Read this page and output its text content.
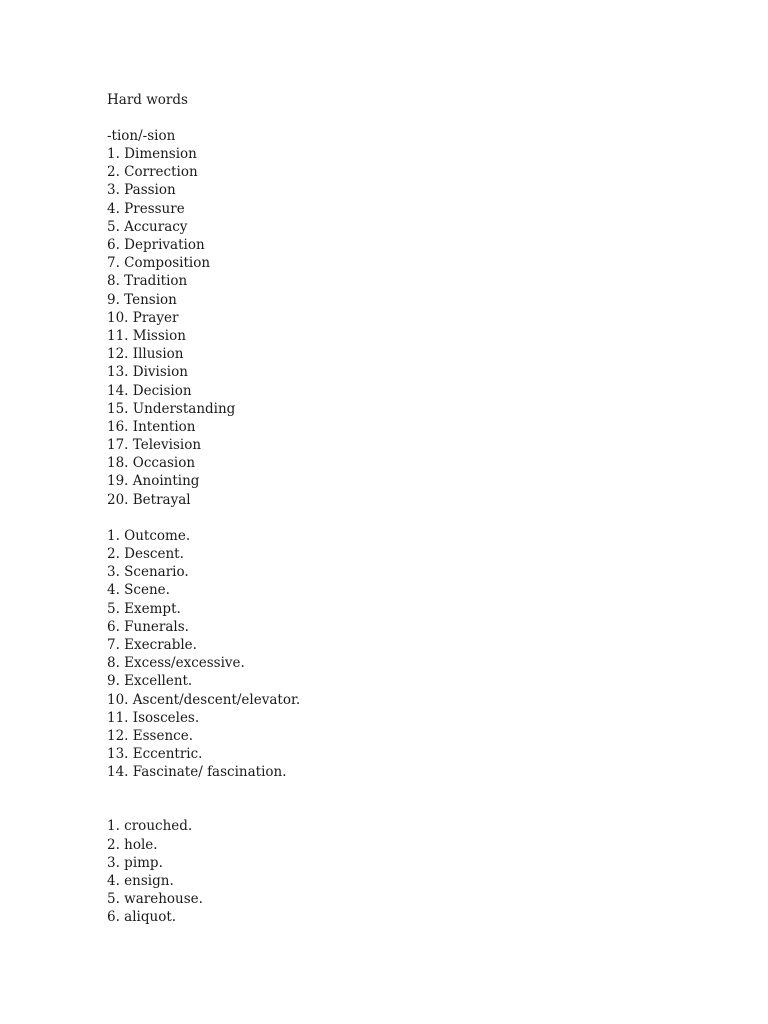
Hard words
-tion/-sion
1. Dimension
2. Correction
3. Passion
4. Pressure
5. Accuracy
6. Deprivation
7. Composition
8. Tradition
9. Tension
10. Prayer
11. Mission
12. Illusion
13. Division
14. Decision
15. Understanding
16. Intention
17. Television
18. Occasion
19. Anointing
20. Betrayal
1. Outcome.
2. Descent.
3. Scenario.
4. Scene.
5. Exempt.
6. Funerals.
7. Execrable.
8. Excess/excessive.
9. Excellent.
10. Ascent/descent/elevator.
11. Isosceles.
12. Essence.
13. Eccentric.
14. Fascinate/ fascination.
1. crouched.
2. hole.
3. pimp.
4. ensign.
5. warehouse.
6. aliquot.
